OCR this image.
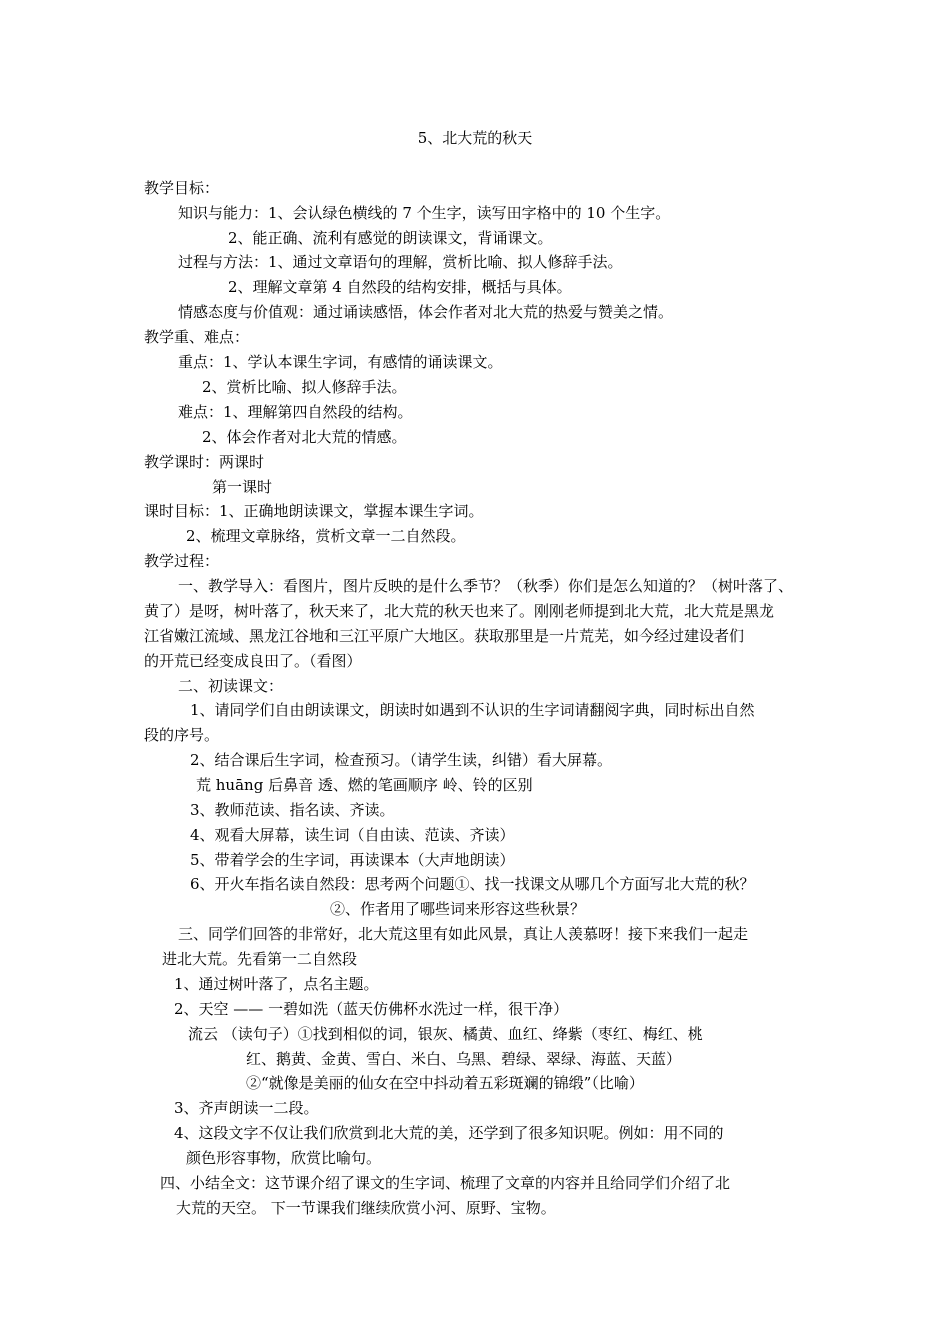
5、北大荒的秋天
教学目标：
知识与能力：1、会认绿色横线的 7 个生字，读写田字格中的 10 个生字。
2、能正确、流利有感觉的朗读课文，背诵课文。
过程与方法：1、通过文章语句的理解，赏析比喻、拟人修辞手法。
2、理解文章第 4 自然段的结构安排，概括与具体。
情感态度与价值观：通过诵读感悟，体会作者对北大荒的热爱与赞美之情。
教学重、难点：
重点：1、学认本课生字词，有感情的诵读课文。
2、赏析比喻、拟人修辞手法。
难点：1、理解第四自然段的结构。
2、体会作者对北大荒的情感。
教学课时：两课时
第一课时
课时目标：1、正确地朗读课文，掌握本课生字词。
2、梳理文章脉络，赏析文章一二自然段。
教学过程：
一、教学导入：看图片，图片反映的是什么季节？（秋季）你们是怎么知道的？（树叶落了、
黄了）是呀，树叶落了，秋天来了，北大荒的秋天也来了。刚刚老师提到北大荒，北大荒是黑龙
江省嫩江流域、黑龙江谷地和三江平原广大地区。获取那里是一片荒芜，如今经过建设者们
的开荒已经变成良田了。（看图）
二、初读课文：
1、请同学们自由朗读课文，朗读时如遇到不认识的生字词请翻阅字典，同时标出自然
段的序号。
2、结合课后生字词，检查预习。（请学生读，纠错）看大屏幕。
荒 huāng 后鼻音 透、燃的笔画顺序 岭、铃的区别
3、教师范读、指名读、齐读。
4、观看大屏幕，读生词（自由读、范读、齐读）
5、带着学会的生字词，再读课本（大声地朗读）
6、开火车指名读自然段：思考两个问题①、找一找课文从哪几个方面写北大荒的秋？
②、作者用了哪些词来形容这些秋景？
三、同学们回答的非常好，北大荒这里有如此风景，真让人羡慕呀！接下来我们一起走
进北大荒。先看第一二自然段
1、通过树叶落了，点名主题。
2、天空 —— 一碧如洗（蓝天仿佛杯水洗过一样，很干净）
流云 （读句子）①找到相似的词，银灰、橘黄、血红、绛紫（枣红、梅红、桃
红、鹅黄、金黄、雪白、米白、乌黑、碧绿、翠绿、海蓝、天蓝）
②“就像是美丽的仙女在空中抖动着五彩斑斓的锦缎”（比喻）
3、齐声朗读一二段。
4、这段文字不仅让我们欣赏到北大荒的美，还学到了很多知识呢。例如：用不同的
颜色形容事物，欣赏比喻句。
四、小结全文：这节课介绍了课文的生字词、梳理了文章的内容并且给同学们介绍了北
大荒的天空。 下一节课我们继续欣赏小河、原野、宝物。
